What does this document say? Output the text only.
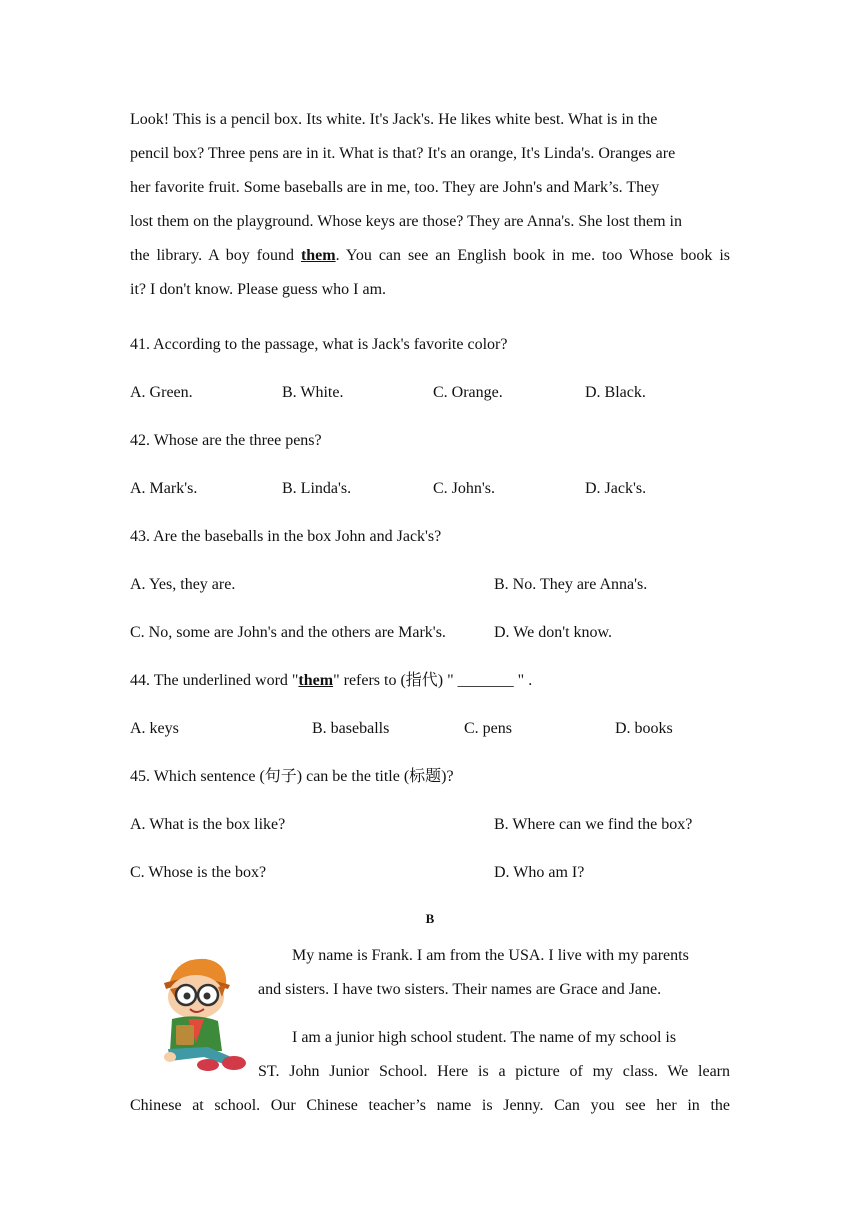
Look! This is a pencil box. Its white. It's Jack's. He likes white best. What is in the

pencil box? Three pens are in it. What is that? It's an orange, It's Linda's. Oranges are

her favorite fruit. Some baseballs are in me, too. They are John's and Mark’s. They

lost them on the playground. Whose keys are those? They are Anna's. She lost them in

the library. A boy found them. You can see an English book in me. too Whose book is

it? I don't know. Please guess who I am.

41. According to the passage, what is Jack's favorite color?

A. Green.	B. White.	C. Orange.	D. Black.

42. Whose are the three pens?

A. Mark's.	B. Linda's.	C. John's.	D. Jack's.

43. Are the baseballs in the box John and Jack's?

A. Yes, they are.	B. No. They are Anna's.
C. No, some are John's and the others are Mark's.	D. We don't know.

44. The underlined word "them" refers to (指代) " _______ " .

A. keys	B. baseballs	C. pens	D. books

45. Which sentence (句子) can be the title (标题)?

A. What is the box like?	B. Where can we find the box?
C. Whose is the box?	D. Who am I?
B

My name is Frank. I am from the USA. I live with my parents

and sisters. I have two sisters. Their names are Grace and Jane.

I am a junior high school student. The name of my school is

ST. John Junior School. Here is a picture of my class. We learn

Chinese at school. Our Chinese teacher’s name is Jenny. Can you see her in the
